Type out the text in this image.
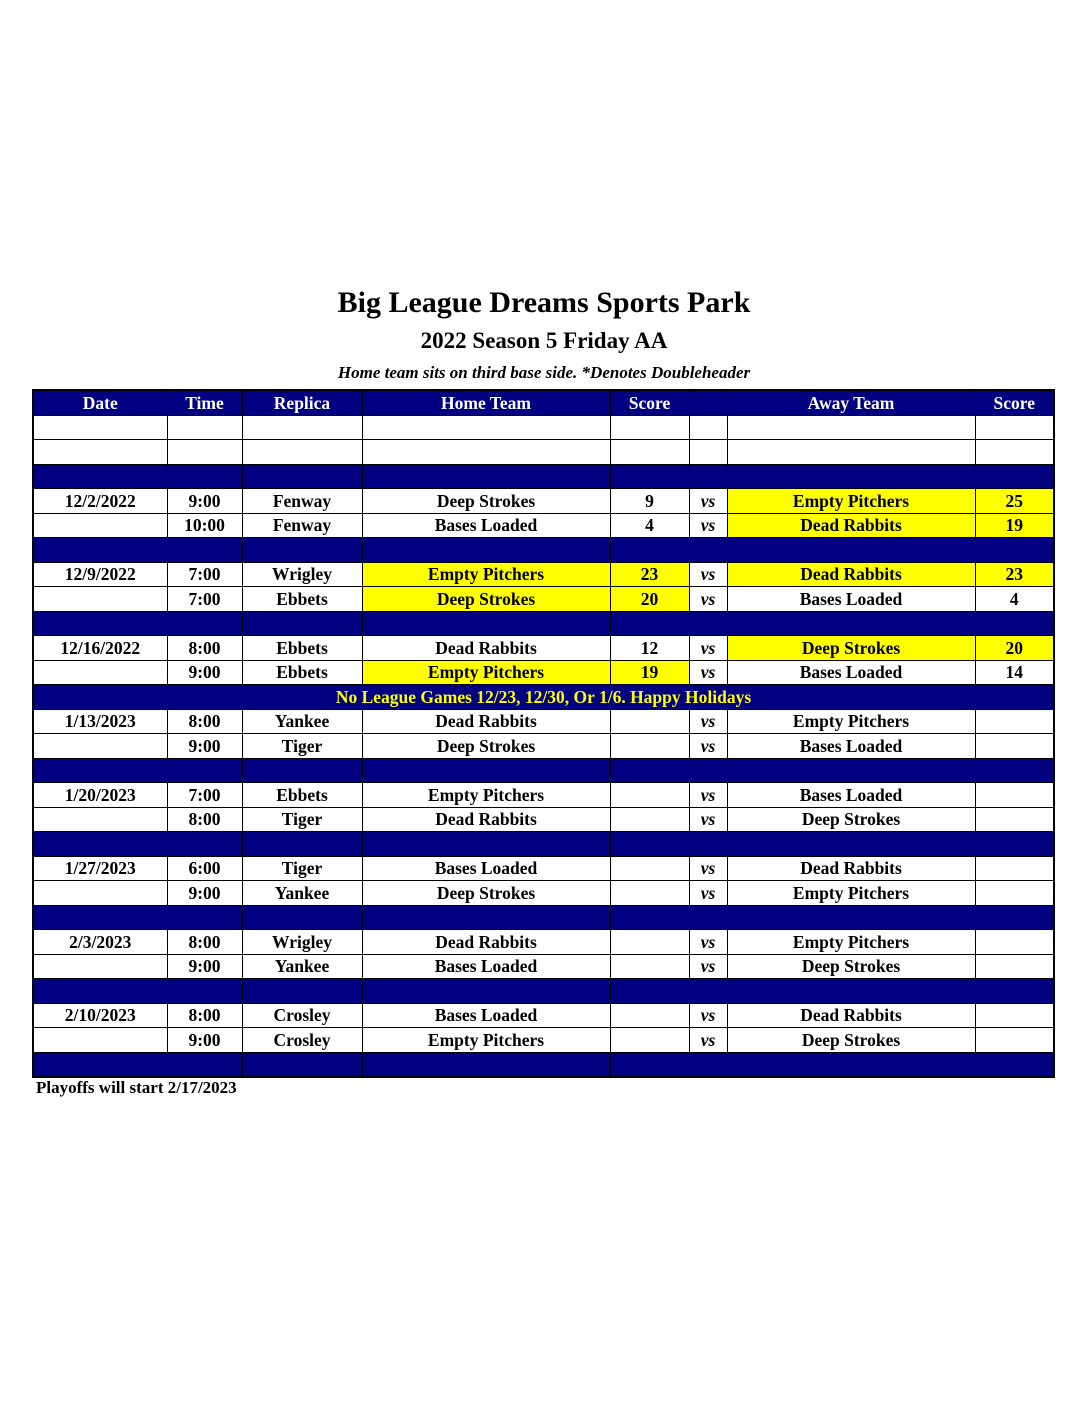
Big League Dreams Sports Park
2022 Season 5 Friday AA
Home team sits on third base side. *Denotes Doubleheader
Date	Time	Replica	Home Team	Score		Away Team	Score

12/2/2022	9:00	Fenway	Deep Strokes	9	vs	Empty Pitchers	25
	10:00	Fenway	Bases Loaded	4	vs	Dead Rabbits	19

12/9/2022	7:00	Wrigley	Empty Pitchers	23	vs	Dead Rabbits	23
	7:00	Ebbets	Deep Strokes	20	vs	Bases Loaded	4

12/16/2022	8:00	Ebbets	Dead Rabbits	12	vs	Deep Strokes	20
	9:00	Ebbets	Empty Pitchers	19	vs	Bases Loaded	14
No League Games 12/23, 12/30, Or 1/6. Happy Holidays							
1/13/2023	8:00	Yankee	Dead Rabbits		vs	Empty Pitchers	
	9:00	Tiger	Deep Strokes		vs	Bases Loaded	

1/20/2023	7:00	Ebbets	Empty Pitchers		vs	Bases Loaded	
	8:00	Tiger	Dead Rabbits		vs	Deep Strokes	

1/27/2023	6:00	Tiger	Bases Loaded		vs	Dead Rabbits	
	9:00	Yankee	Deep Strokes		vs	Empty Pitchers	

2/3/2023	8:00	Wrigley	Dead Rabbits		vs	Empty Pitchers	
	9:00	Yankee	Bases Loaded		vs	Deep Strokes	

2/10/2023	8:00	Crosley	Bases Loaded		vs	Dead Rabbits	
	9:00	Crosley	Empty Pitchers		vs	Deep Strokes	

Playoffs will start 2/17/2023
